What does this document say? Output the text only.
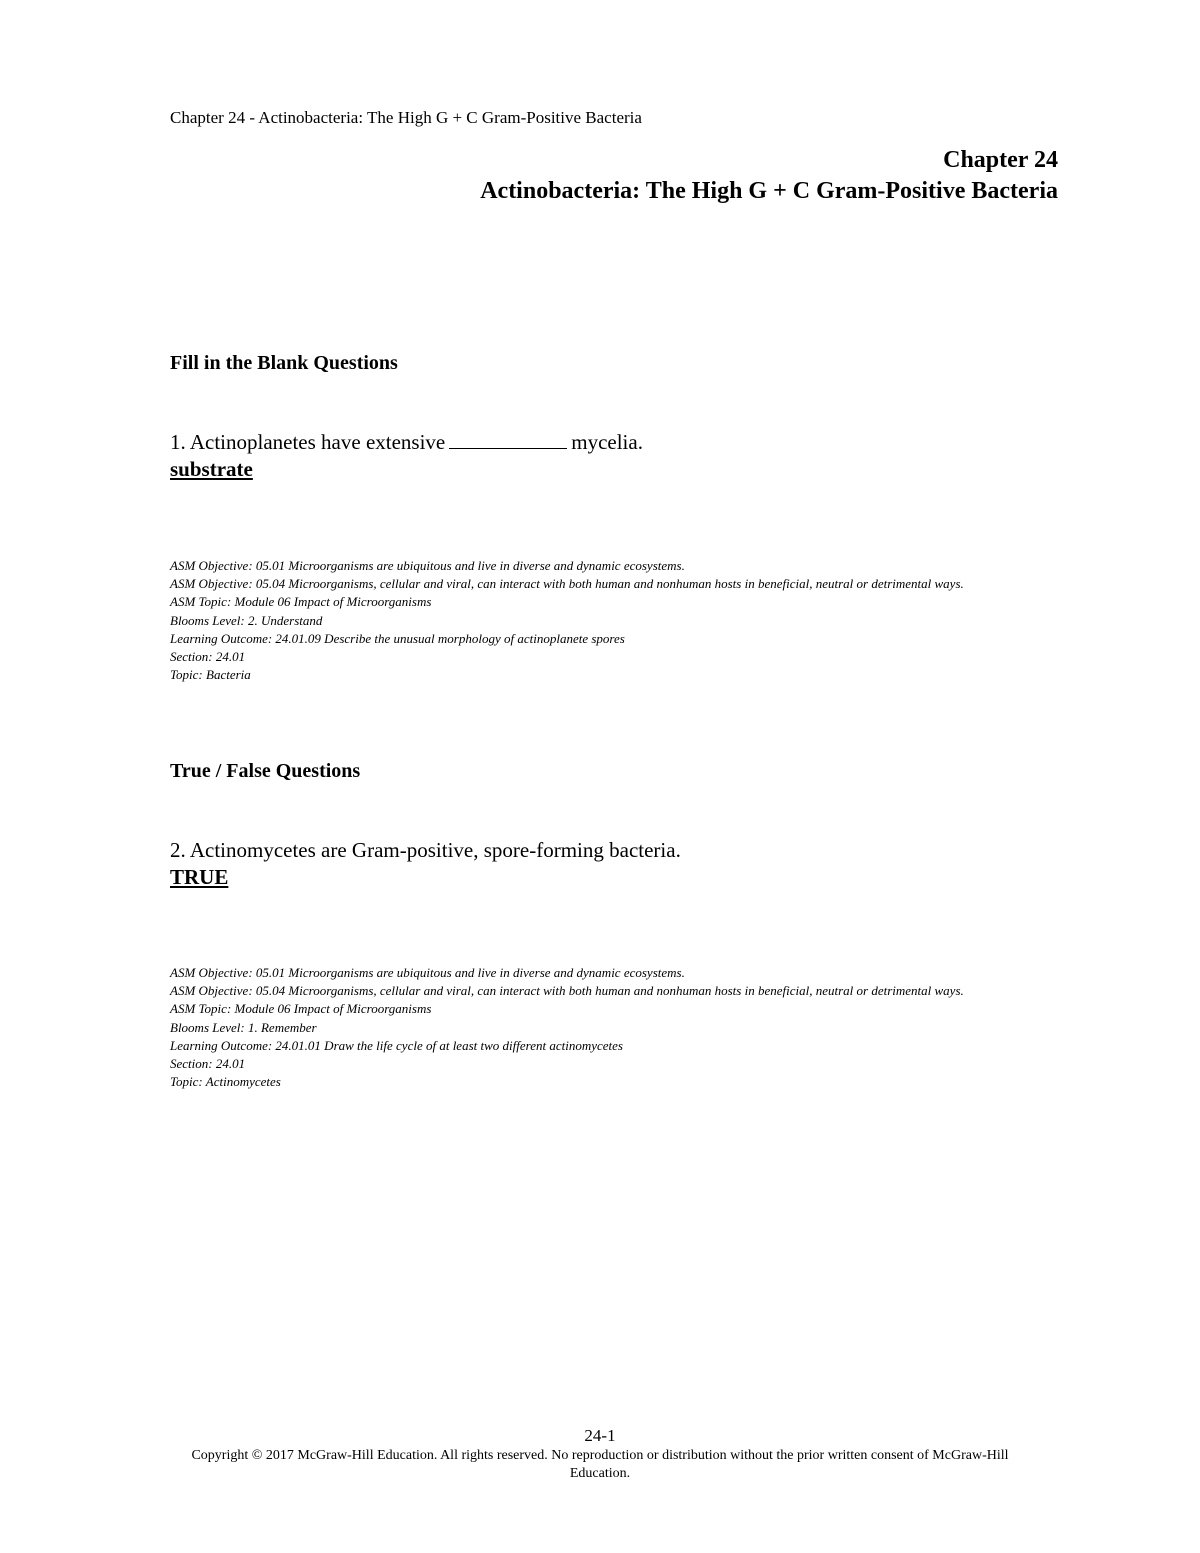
Chapter 24 - Actinobacteria: The High G + C Gram-Positive Bacteria
Chapter 24
Actinobacteria: The High G + C Gram-Positive Bacteria
Fill in the Blank Questions
1. Actinoplanetes have extensive	mycelia.
substrate
ASM Objective: 05.01 Microorganisms are ubiquitous and live in diverse and dynamic ecosystems.
ASM Objective: 05.04 Microorganisms, cellular and viral, can interact with both human and nonhuman hosts in beneficial, neutral or detrimental ways.
ASM Topic: Module 06 Impact of Microorganisms
Blooms Level: 2. Understand
Learning Outcome: 24.01.09 Describe the unusual morphology of actinoplanete spores
Section: 24.01
Topic: Bacteria
True / False Questions
2. Actinomycetes are Gram-positive, spore-forming bacteria.
TRUE
ASM Objective: 05.01 Microorganisms are ubiquitous and live in diverse and dynamic ecosystems.
ASM Objective: 05.04 Microorganisms, cellular and viral, can interact with both human and nonhuman hosts in beneficial, neutral or detrimental ways.
ASM Topic: Module 06 Impact of Microorganisms
Blooms Level: 1. Remember
Learning Outcome: 24.01.01 Draw the life cycle of at least two different actinomycetes
Section: 24.01
Topic: Actinomycetes
24-1
Copyright © 2017 McGraw-Hill Education. All rights reserved. No reproduction or distribution without the prior written consent of McGraw-Hill Education.
